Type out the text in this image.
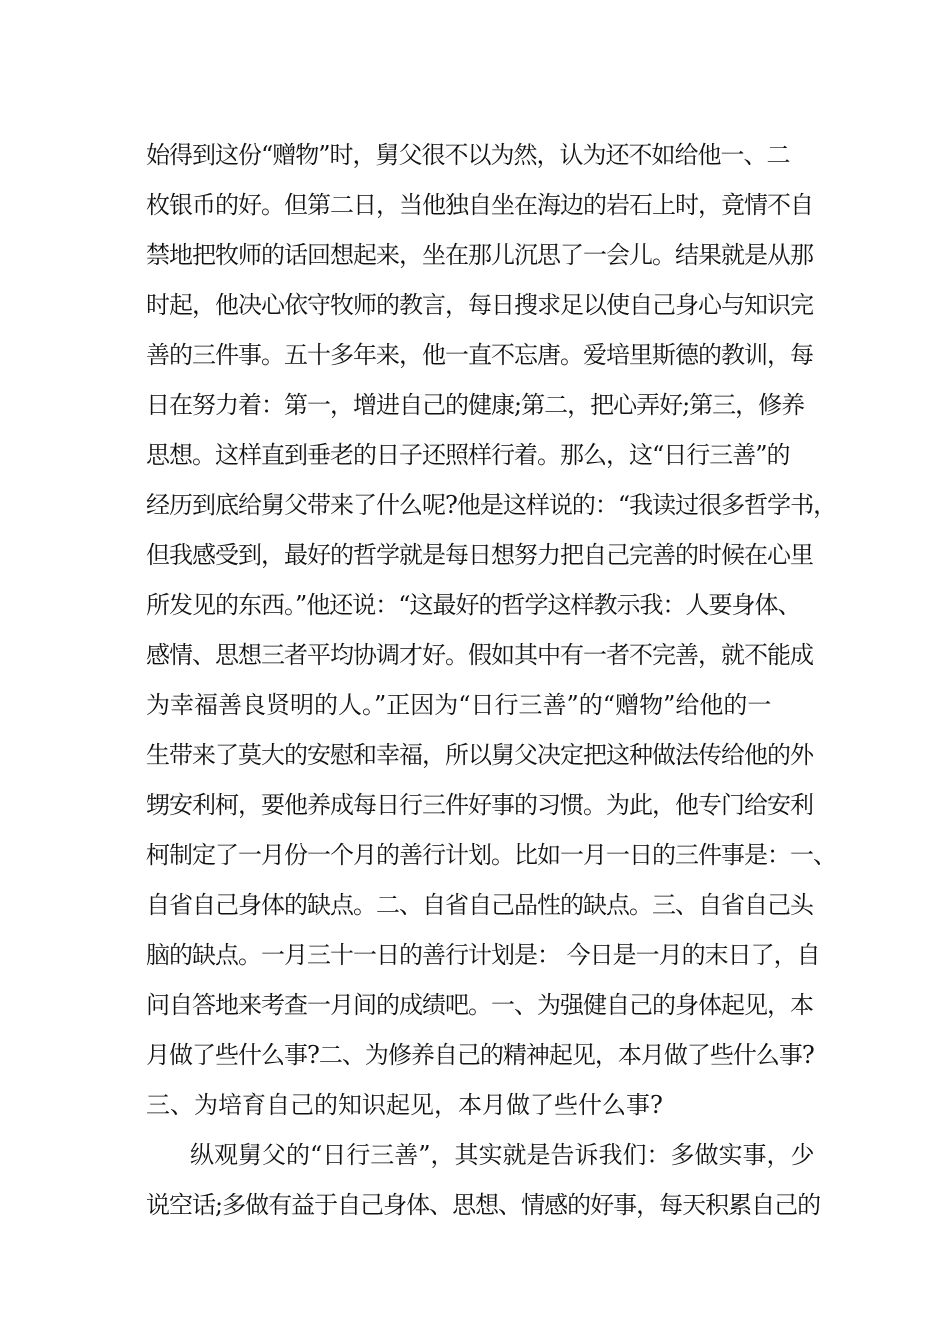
始得到这份“赠物”时，舅父很不以为然，认为还不如给他一、二
枚银币的好。但第二日，当他独自坐在海边的岩石上时，竟情不自
禁地把牧师的话回想起来，坐在那儿沉思了一会儿。结果就是从那
时起，他决心依守牧师的教言，每日搜求足以使自己身心与知识完
善的三件事。五十多年来，他一直不忘唐。爱培里斯德的教训，每
日在努力着：第一，增进自己的健康;第二，把心弄好;第三，修养
思想。这样直到垂老的日子还照样行着。那么，这“日行三善”的
经历到底给舅父带来了什么呢?他是这样说的：“我读过很多哲学书，
但我感受到，最好的哲学就是每日想努力把自己完善的时候在心里
所发见的东西。”他还说：“这最好的哲学这样教示我：人要身体、
感情、思想三者平均协调才好。假如其中有一者不完善，就不能成
为幸福善良贤明的人。”正因为“日行三善”的“赠物”给他的一
生带来了莫大的安慰和幸福，所以舅父决定把这种做法传给他的外
甥安利柯，要他养成每日行三件好事的习惯。为此，他专门给安利
柯制定了一月份一个月的善行计划。比如一月一日的三件事是：一、
自省自己身体的缺点。二、自省自己品性的缺点。三、自省自己头
脑的缺点。一月三十一日的善行计划是： 今日是一月的末日了，自
问自答地来考查一月间的成绩吧。一、为强健自己的身体起见，本
月做了些什么事?二、为修养自己的精神起见，本月做了些什么事?
三、为培育自己的知识起见，本月做了些什么事?
纵观舅父的“日行三善”，其实就是告诉我们：多做实事，少
说空话;多做有益于自己身体、思想、情感的好事，每天积累自己的
